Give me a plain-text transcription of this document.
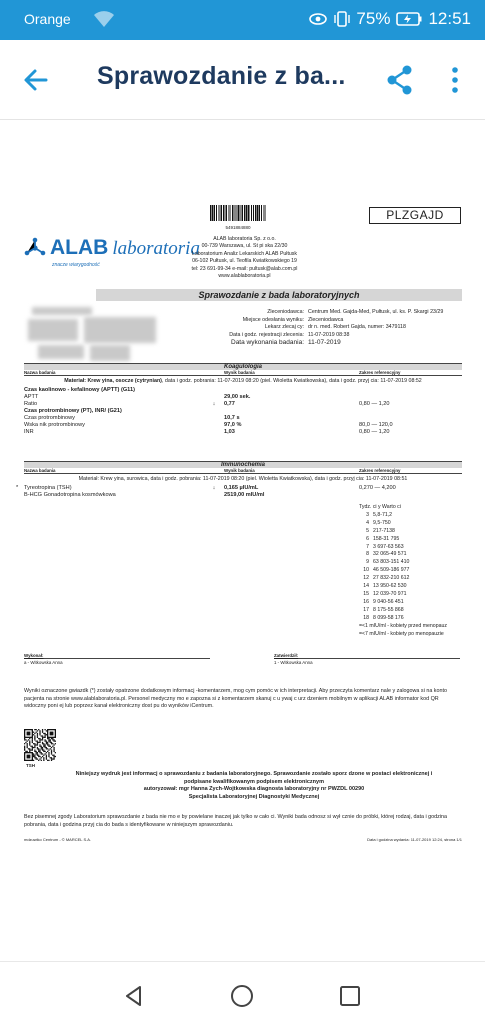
Orange	75% 12:51
Sprawozdanie z ba...
5491884880
PLZGAJD
ALAB laboratoria
znacze wiarygodność
ALAB laboratoria Sp. z o.o.
00-739 Warszawa, ul. St pi ska 22/30
Laboratorium Analiz Lekarskich ALAB Pułtusk
06-102 Pułtusk, ul. Teofila Kwiatkowskiego 19
tel: 23 691-99-34 e-mail: pultusk@alab.com.pl
www.alablaboratoria.pl
Sprawozdanie z bada laboratoryjnych
Zleceniodawca: Centrum Med. Gajda-Med, Pułtusk, ul. ks. P. Skargi 23/29
Miejsce odesłania wyniku: Zleceniodawca
Lekarz zlecaj cy: dr n. med. Robert Gajda, numer: 3479118
Data i godz. rejestracji zlecenia: 11-07-2019 08:38
Data wykonania badania: 11-07-2019
Koagulologia
Nazwa badania	Wynik badania	Zakres referencyjny
Materiał: Krew yina, osocze (cytrynian), data i godz. pobrania: 11-07-2019 08:20 (piel. Wioletta Kwiatkowska), data i godz. przyj cia: 11-07-2019 08:52
Czas kaolinowo - kefalinowy (APTT) (G11)
APTT	29,00 sek.
Ratio	↓	0,77	0,80 — 1,20
Czas protrombinowy (PT), INR/ (G21)
Czas protrombinowy	10,7 s
Wska nik protrombinowy	97,0 %	80,0 — 120,0
INR	1,03	0,80 — 1,20
Immunochemia
Nazwa badania	Wynik badania	Zakres referencyjny
Materiał: Krew yina, surowica, data i godz. pobrania: 11-07-2019 08:20 (piel. Wioletta Kwiatkowska), data i godz. przyj cia: 11-07-2019 08:51
* Tyreotropina (TSH)	↓	0,165 µIU/mL	0,270 — 4,200
B-HCG Gonadotropina kosmówkowa	2519,00 mIU/ml
Tydz. ci y Warto ci
3 5,8-71,2
4 9,5-750
5 217-7138
6 158-31 795
7 3 697-63 563
8 32 065-49 571
9 63 803-151 410
10 46 509-186 977
12 27 832-210 612
14 13 950-62 530
15 12 039-70 971
16 9 040-56 451
17 8 175-55 868
18 8 099-58 176
=<1 mIU/ml - kobiety przed menopauz
=<7 mIU/ml - kobiety po menopauzie
Wykonał:
a - Witkowska Anna
Zatwierdził:
1 - Witkowska Anna
Wyniki oznaczone gwiazdk (*) zostały opatrzone dodatkowym informacj -komentarzem, mog cym pomóc w ich interpretacji. Aby przeczyta komentarz nale y zalogowa si na konto pacjenta na stronie www.alablaboratoria.pl. Personel medyczny mo e zapozna si z komentarzem skanuj c u ywaj c urz dzeniem mobilnym w aplikacji ALAB informator kod QR widoczny poni ej lub poprzez kanał elektroniczny dost pu do wyników iCentrum.
TSH
Niniejszy wydruk jest informacj o sprawozdaniu z badania laboratoryjnego. Sprawozdanie zostało sporz dzone w postaci elektronicznej i
podpisane kwalifikowanym podpisem elektronicznym
autoryzował: mgr Hanna Zych-Wojtkowska diagnosta laboratoryjny nr PWZDL 00290
Specjalista Laboratoryjnej Diagnostyki Medycznej
Bez pisemnej zgody Laboratorium sprawozdanie z bada nie mo e by powielane inaczej jak tylko w cało ci. Wyniki bada odnosz si wył cznie do próbki, której rodzaj, data i godzina pobrania, data i godzina przyj cia do bada s identyfikowane w niniejszym sprawozdaniu.
mdzuwiko Centrum - © MARCEL S.A.	Data i godzina wydania: 11-07-2019 12:24, strona 1/1
